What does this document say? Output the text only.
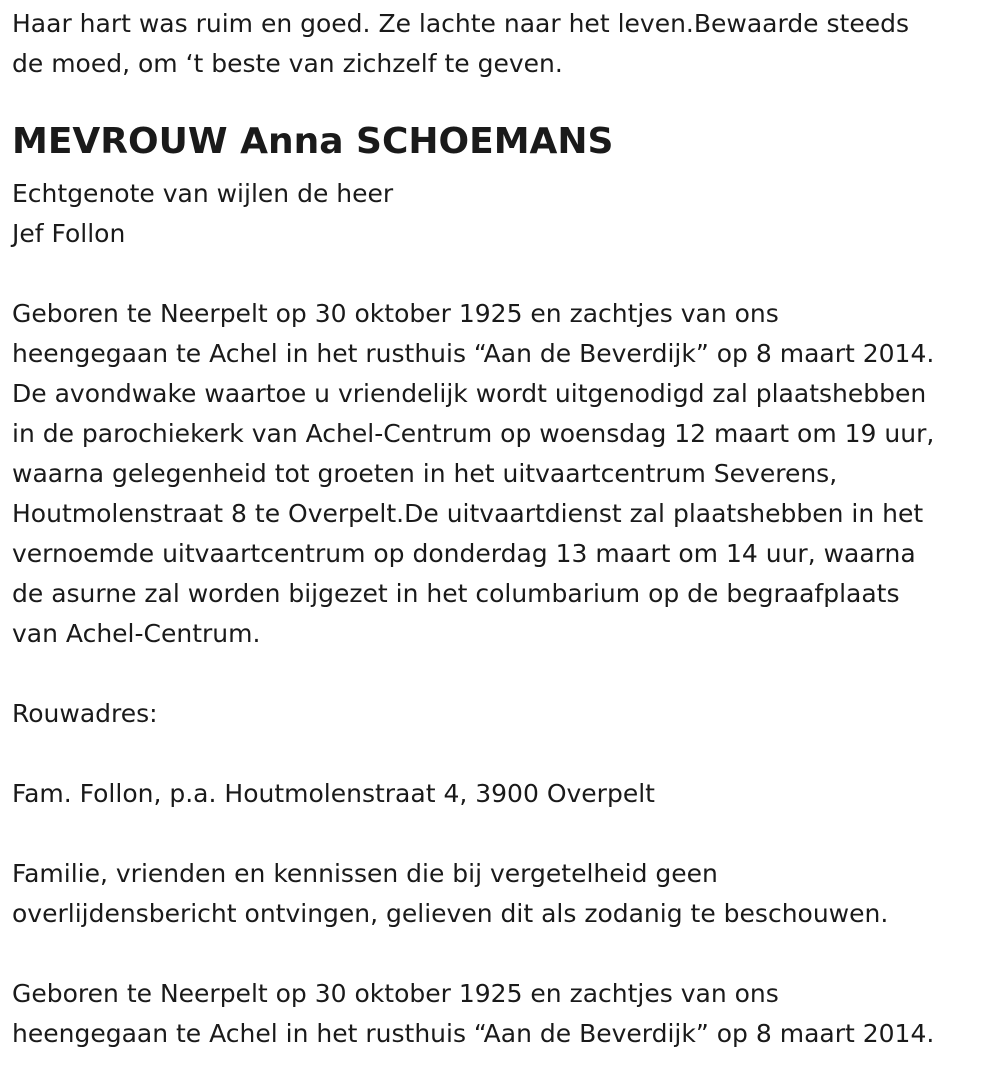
Haar hart was ruim en goed. Ze lachte naar het leven.Bewaarde steeds
de moed, om ‘t beste van zichzelf te geven.
MEVROUW Anna SCHOEMANS
Echtgenote van wijlen de heer
Jef Follon
Geboren te Neerpelt op 30 oktober 1925 en zachtjes van ons
heengegaan te Achel in het rusthuis “Aan de Beverdijk” op 8 maart 2014.
De avondwake waartoe u vriendelijk wordt uitgenodigd zal plaatshebben
in de parochiekerk van Achel-Centrum op woensdag 12 maart om 19 uur,
waarna gelegenheid tot groeten in het uitvaartcentrum Severens,
Houtmolenstraat 8 te Overpelt.De uitvaartdienst zal plaatshebben in het
vernoemde uitvaartcentrum op donderdag 13 maart om 14 uur, waarna
de asurne zal worden bijgezet in het columbarium op de begraafplaats
van Achel-Centrum.
Rouwadres:
Fam. Follon, p.a. Houtmolenstraat 4, 3900 Overpelt
Familie, vrienden en kennissen die bij vergetelheid geen
overlijdensbericht ontvingen, gelieven dit als zodanig te beschouwen.
Geboren te Neerpelt op 30 oktober 1925 en zachtjes van ons
heengegaan te Achel in het rusthuis “Aan de Beverdijk” op 8 maart 2014.
